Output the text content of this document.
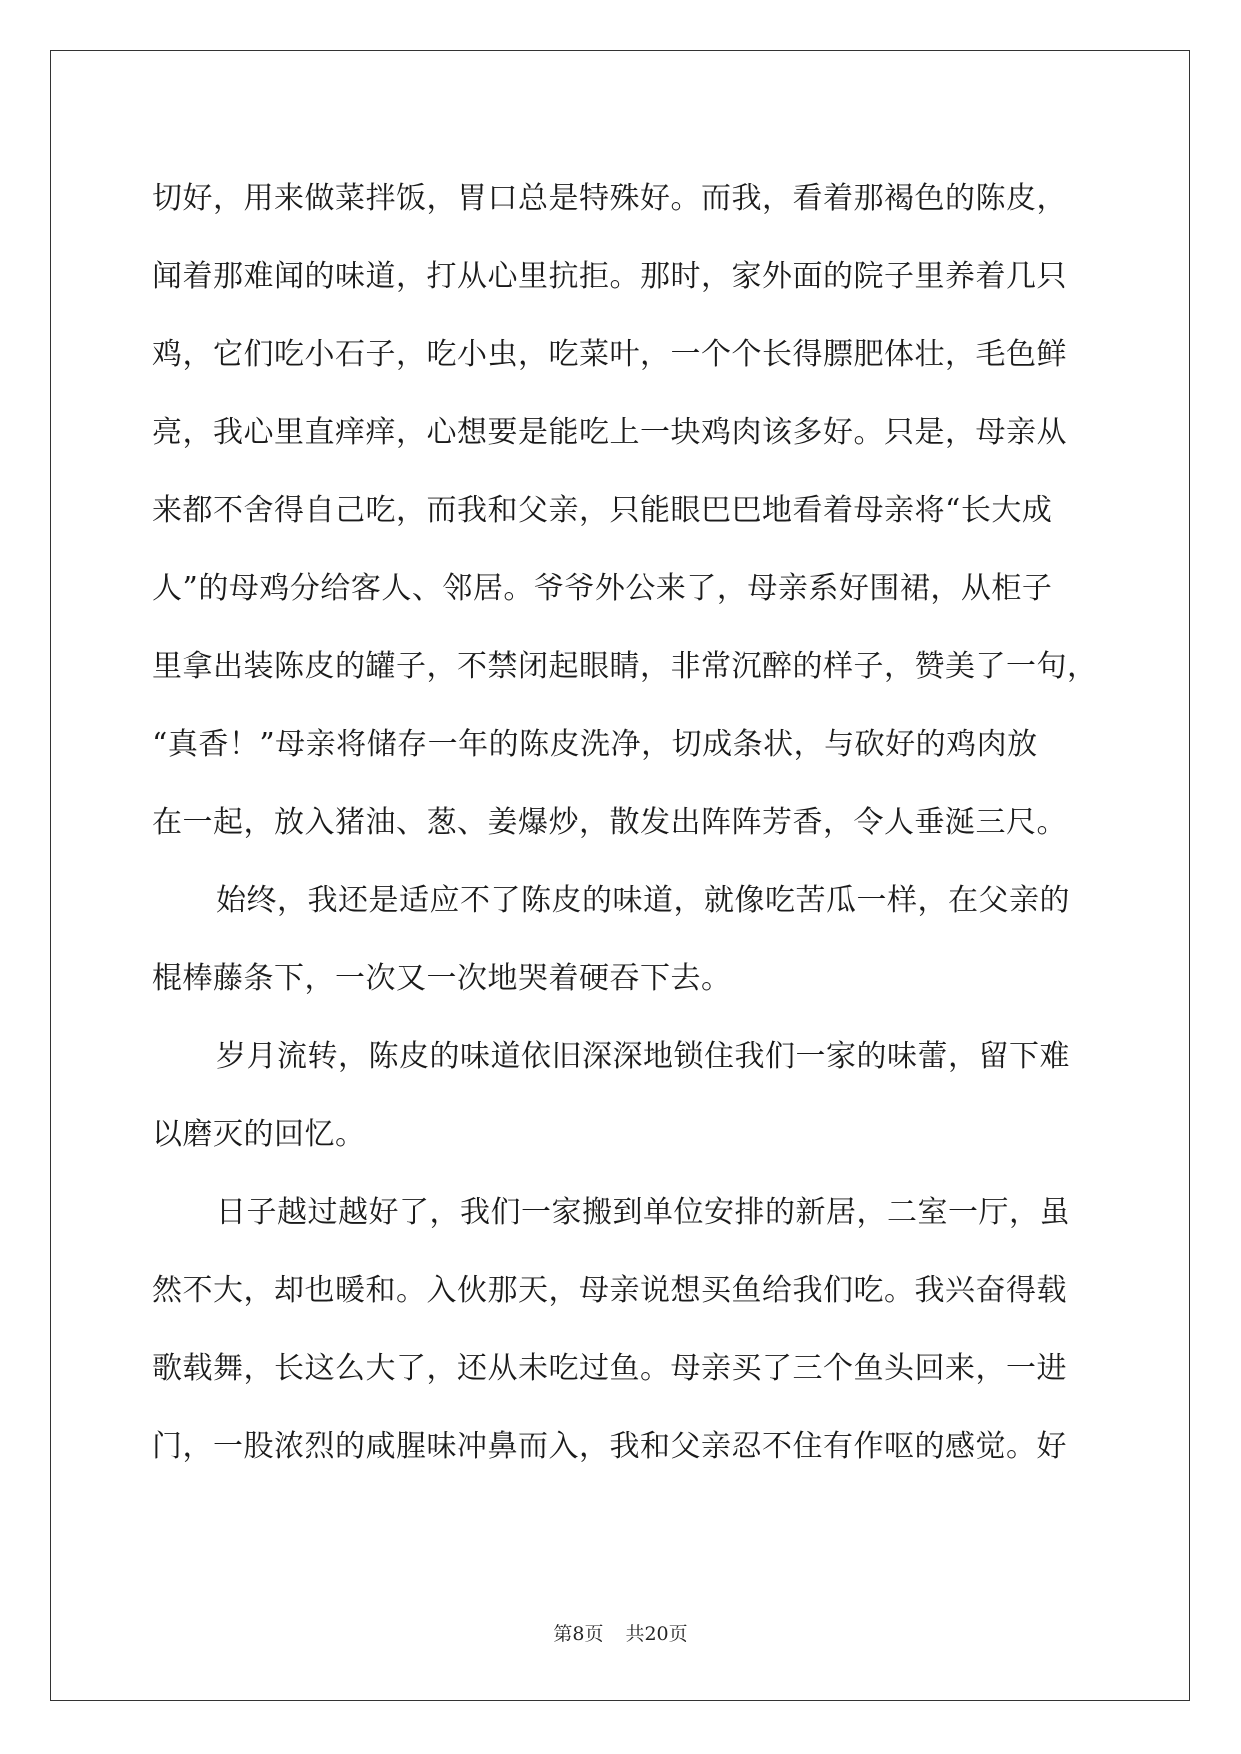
切好，用来做菜拌饭，胃口总是特殊好。而我，看着那褐色的陈皮，
闻着那难闻的味道，打从心里抗拒。那时，家外面的院子里养着几只
鸡，它们吃小石子，吃小虫，吃菜叶，一个个长得膘肥体壮，毛色鲜
亮，我心里直痒痒，心想要是能吃上一块鸡肉该多好。只是，母亲从
来都不舍得自己吃，而我和父亲，只能眼巴巴地看着母亲将“长大成
人”的母鸡分给客人、邻居。爷爷外公来了，母亲系好围裙，从柜子
里拿出装陈皮的罐子，不禁闭起眼睛，非常沉醉的样子，赞美了一句，
“真香！”母亲将储存一年的陈皮洗净，切成条状，与砍好的鸡肉放
在一起，放入猪油、葱、姜爆炒，散发出阵阵芳香，令人垂涎三尺。
始终，我还是适应不了陈皮的味道，就像吃苦瓜一样，在父亲的
棍棒藤条下，一次又一次地哭着硬吞下去。
岁月流转，陈皮的味道依旧深深地锁住我们一家的味蕾，留下难
以磨灭的回忆。
日子越过越好了，我们一家搬到单位安排的新居，二室一厅，虽
然不大，却也暖和。入伙那天，母亲说想买鱼给我们吃。我兴奋得载
歌载舞，长这么大了，还从未吃过鱼。母亲买了三个鱼头回来，一进
门，一股浓烈的咸腥味冲鼻而入，我和父亲忍不住有作呕的感觉。好
第8页 共20页
